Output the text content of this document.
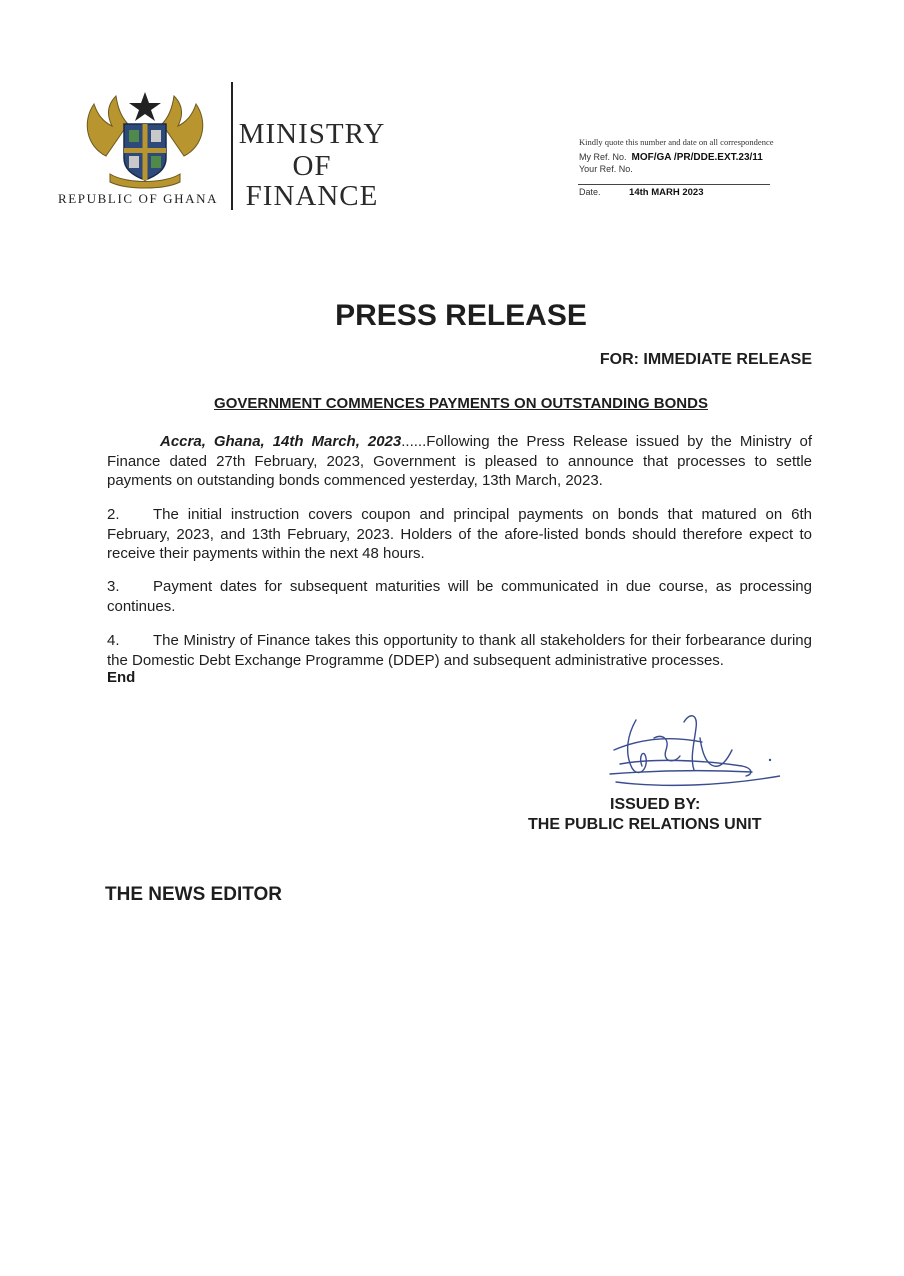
REPUBLIC OF GHANA
MINISTRY
OF
FINANCE
Kindly quote this number and date on all correspondence
My Ref. No. MOF/GA /PR/DDE.EXT.23/11
Your Ref. No.
Date.	14th MARH 2023
PRESS RELEASE
FOR: IMMEDIATE RELEASE
GOVERNMENT COMMENCES PAYMENTS ON OUTSTANDING BONDS
Accra, Ghana, 14th March, 2023......Following the Press Release issued by the Ministry of Finance dated 27th February, 2023, Government is pleased to announce that processes to settle payments on outstanding bonds commenced yesterday, 13th March, 2023.
2. The initial instruction covers coupon and principal payments on bonds that matured on 6th February, 2023, and 13th February, 2023. Holders of the afore-listed bonds should therefore expect to receive their payments within the next 48 hours.
3. Payment dates for subsequent maturities will be communicated in due course, as processing continues.
4. The Ministry of Finance takes this opportunity to thank all stakeholders for their forbearance during the Domestic Debt Exchange Programme (DDEP) and subsequent administrative processes.
End
ISSUED BY:
THE PUBLIC RELATIONS UNIT
THE NEWS EDITOR
